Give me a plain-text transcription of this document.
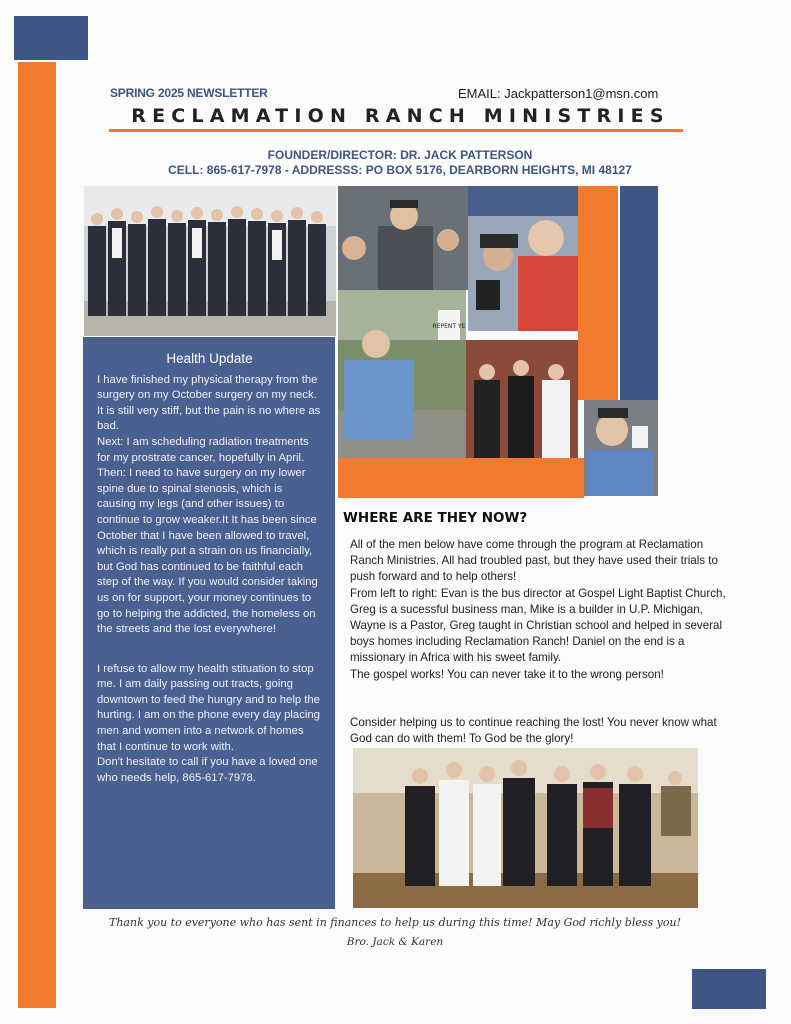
SPRING 2025 NEWSLETTER	EMAIL: Jackpatterson1@msn.com
RECLAMATION RANCH MINISTRIES
FOUNDER/DIRECTOR: DR. JACK PATTERSON
CELL: 865-617-7978 - ADDRESSS: PO BOX 5176, DEARBORN HEIGHTS, MI 48127
REPENT YE
Health Update
I have finished my physical therapy from the surgery on my October surgery on my neck. It is still very stiff, but the pain is no where as bad.
Next: I am scheduling radiation treatments for my prostrate cancer, hopefully in April.
Then: I need to have surgery on my lower spine due to spinal stenosis, which is causing my legs (and other issues) to continue to grow weaker.It It has been since October that I have been allowed to travel, which is really put a strain on us financially, but God has continued to be faithful each step of the way. If you would consider taking us on for support, your money continues to go to helping the addicted, the homeless on the streets and the lost everywhere!
I refuse to allow my health stituation to stop me. I am daily passing out tracts, going downtown to feed the hungry and to help the hurting. I am on the phone every day placing men and women into a network of homes that I continue to work with.
Don't hesitate to call if you have a loved one who needs help, 865-617-7978.
WHERE ARE THEY NOW?
All of the men below have come through the program at Reclamation Ranch Ministries. All had troubled past, but they have used their trials to push forward and to help others!
From left to right: Evan is the bus director at Gospel Light Baptist Church, Greg is a sucessful business man, Mike is a builder in U.P. Michigan, Wayne is a Pastor, Greg taught in Christian school and helped in several boys homes including Reclamation Ranch! Daniel on the end is a missionary in Africa with his sweet family.
The gospel works! You can never take it to the wrong person!
Consider helping us to continue reaching the lost! You never know what God can do with them! To God be the glory!
Thank you to everyone who has sent in finances to help us during this time! May God richly bless you!
Bro. Jack & Karen
